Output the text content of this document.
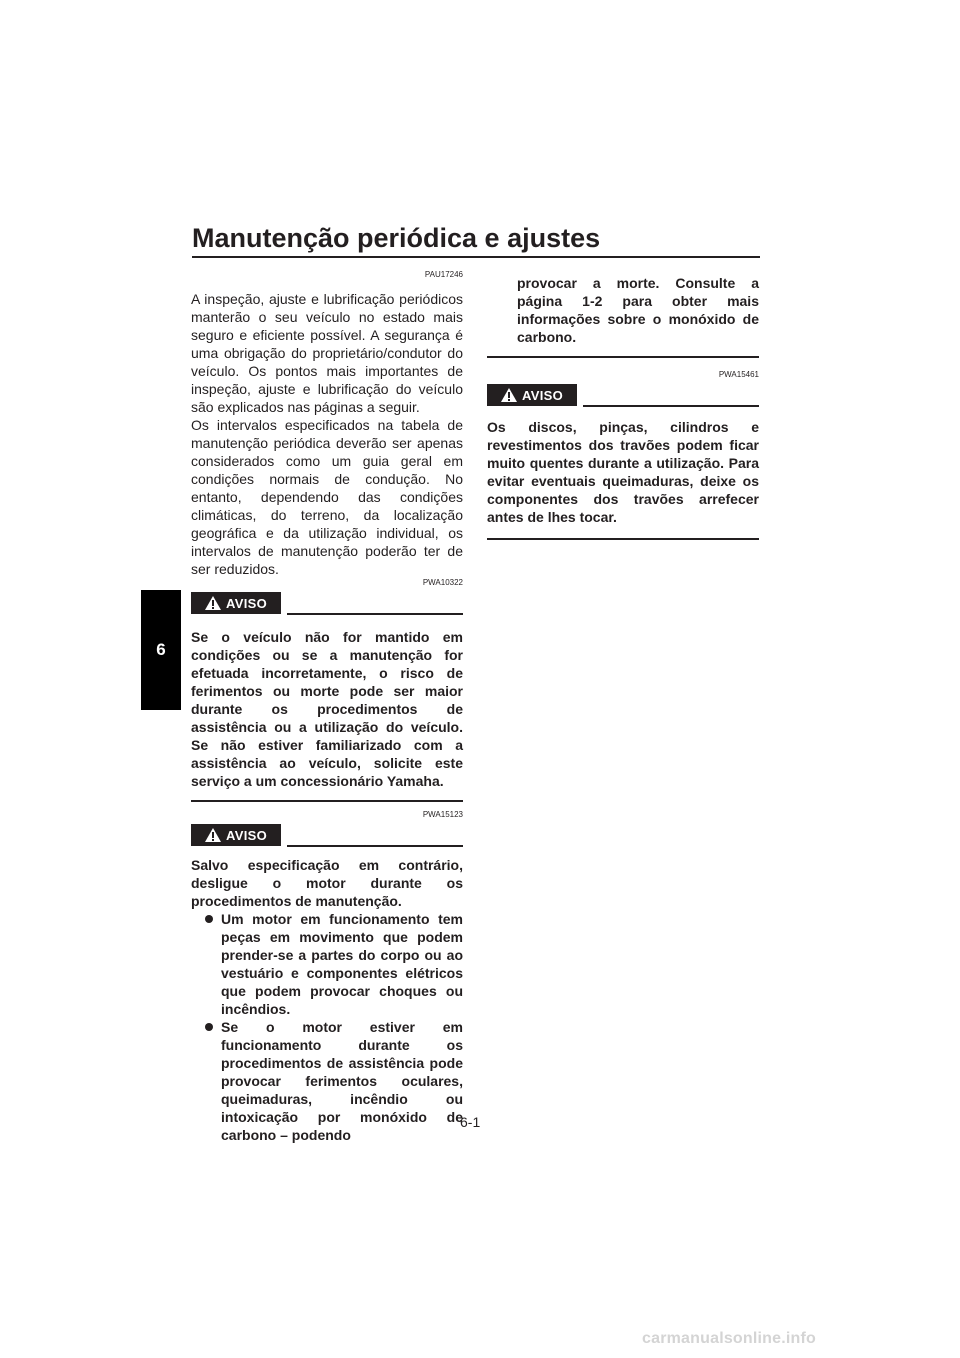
Manutenção periódica e ajustes
6
PAU17246

A inspeção, ajuste e lubrificação periódicos manterão o seu veículo no estado mais seguro e eficiente possível. A segurança é uma obrigação do proprietário/condutor do veículo. Os pontos mais importantes de inspeção, ajuste e lubrificação do veículo são explicados nas páginas a seguir.

Os intervalos especificados na tabela de manutenção periódica deverão ser apenas considerados como um guia geral em condições normais de condução. No entanto, dependendo das condições climáticas, do terreno, da localização geográfica e da utilização individual, os intervalos de manutenção poderão ter de ser reduzidos.

PWA10322
AVISO

Se o veículo não for mantido em condições ou se a manutenção for efetuada incorretamente, o risco de ferimentos ou morte pode ser maior durante os procedimentos de assistência ou a utilização do veículo. Se não estiver familiarizado com a assistência ao veículo, solicite este serviço a um concessionário Yamaha.

PWA15123
AVISO

Salvo especificação em contrário, desligue o motor durante os procedimentos de manutenção.

Um motor em funcionamento tem peças em movimento que podem prender-se a partes do corpo ou ao vestuário e componentes elétricos que podem provocar choques ou incêndios.
Se o motor estiver em funcionamento durante os procedimentos de assistência pode provocar ferimentos oculares, queimaduras, incêndio ou intoxicação por monóxido de carbono – podendo

provocar a morte. Consulte a página 1-2 para obter mais informações sobre o monóxido de carbono.

PWA15461
AVISO

Os discos, pinças, cilindros e revestimentos dos travões podem ficar muito quentes durante a utilização. Para evitar eventuais queimaduras, deixe os componentes dos travões arrefecer antes de lhes tocar.

6-1
carmanualsonline.info
